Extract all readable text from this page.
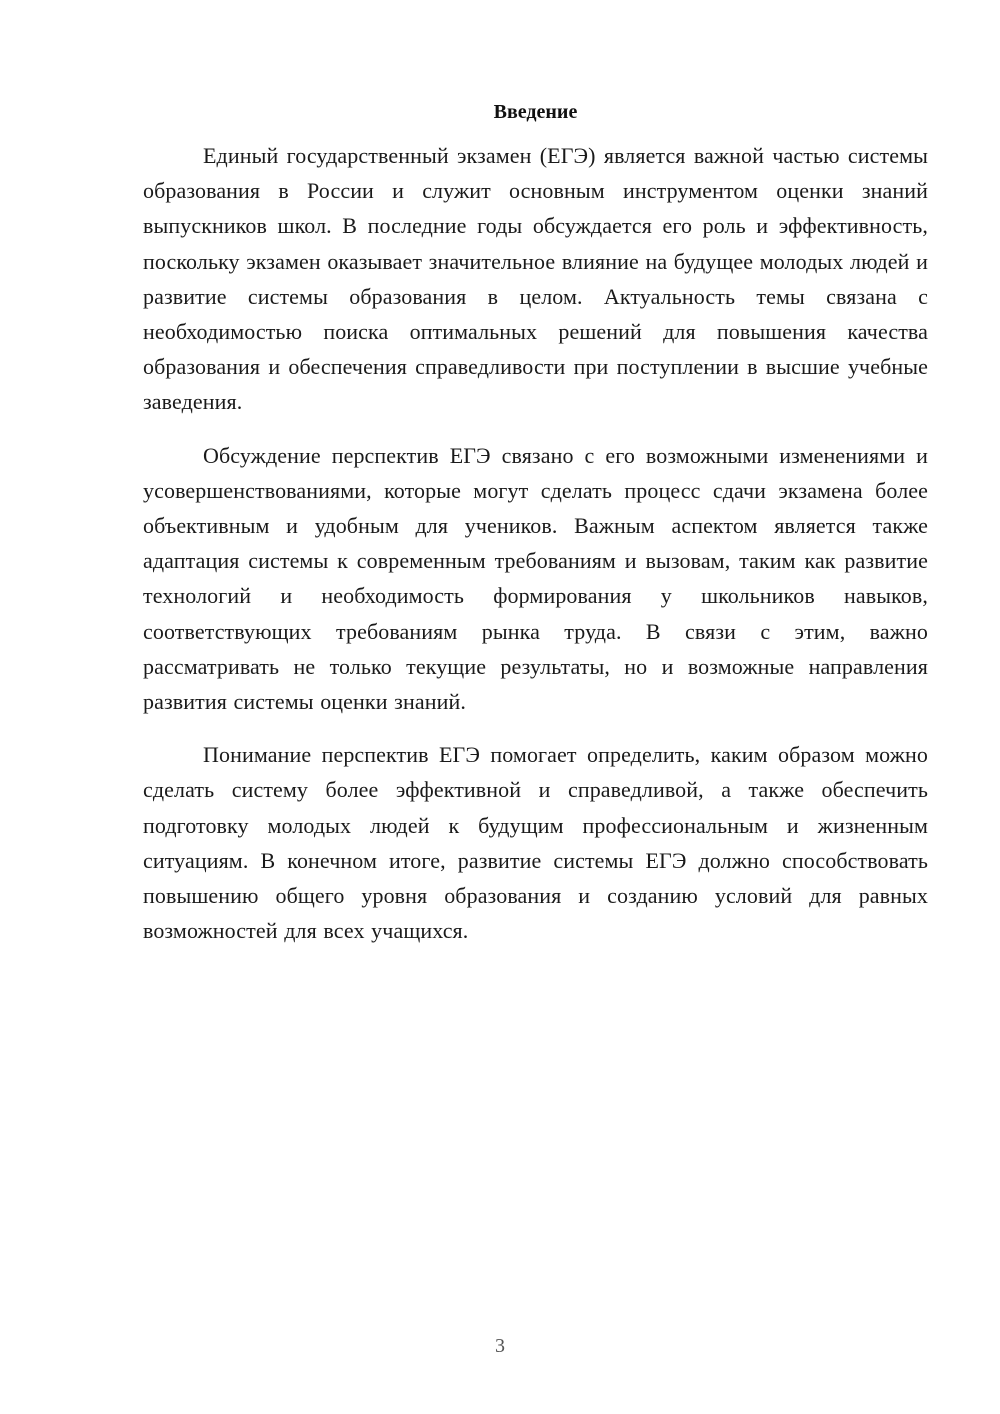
Введение

Единый государственный экзамен (ЕГЭ) является важной частью системы образования в России и служит основным инструментом оценки знаний выпускников школ. В последние годы обсуждается его роль и эффективность, поскольку экзамен оказывает значительное влияние на будущее молодых людей и развитие системы образования в целом. Актуальность темы связана с необходимостью поиска оптимальных решений для повышения качества образования и обеспечения справедливости при поступлении в высшие учебные заведения.

Обсуждение перспектив ЕГЭ связано с его возможными изменениями и усовершенствованиями, которые могут сделать процесс сдачи экзамена более объективным и удобным для учеников. Важным аспектом является также адаптация системы к современным требованиям и вызовам, таким как развитие технологий и необходимость формирования у школьников навыков, соответствующих требованиям рынка труда. В связи с этим, важно рассматривать не только текущие результаты, но и возможные направления развития системы оценки знаний.

Понимание перспектив ЕГЭ помогает определить, каким образом можно сделать систему более эффективной и справедливой, а также обеспечить подготовку молодых людей к будущим профессиональным и жизненным ситуациям. В конечном итоге, развитие системы ЕГЭ должно способствовать повышению общего уровня образования и созданию условий для равных возможностей для всех учащихся.

3
